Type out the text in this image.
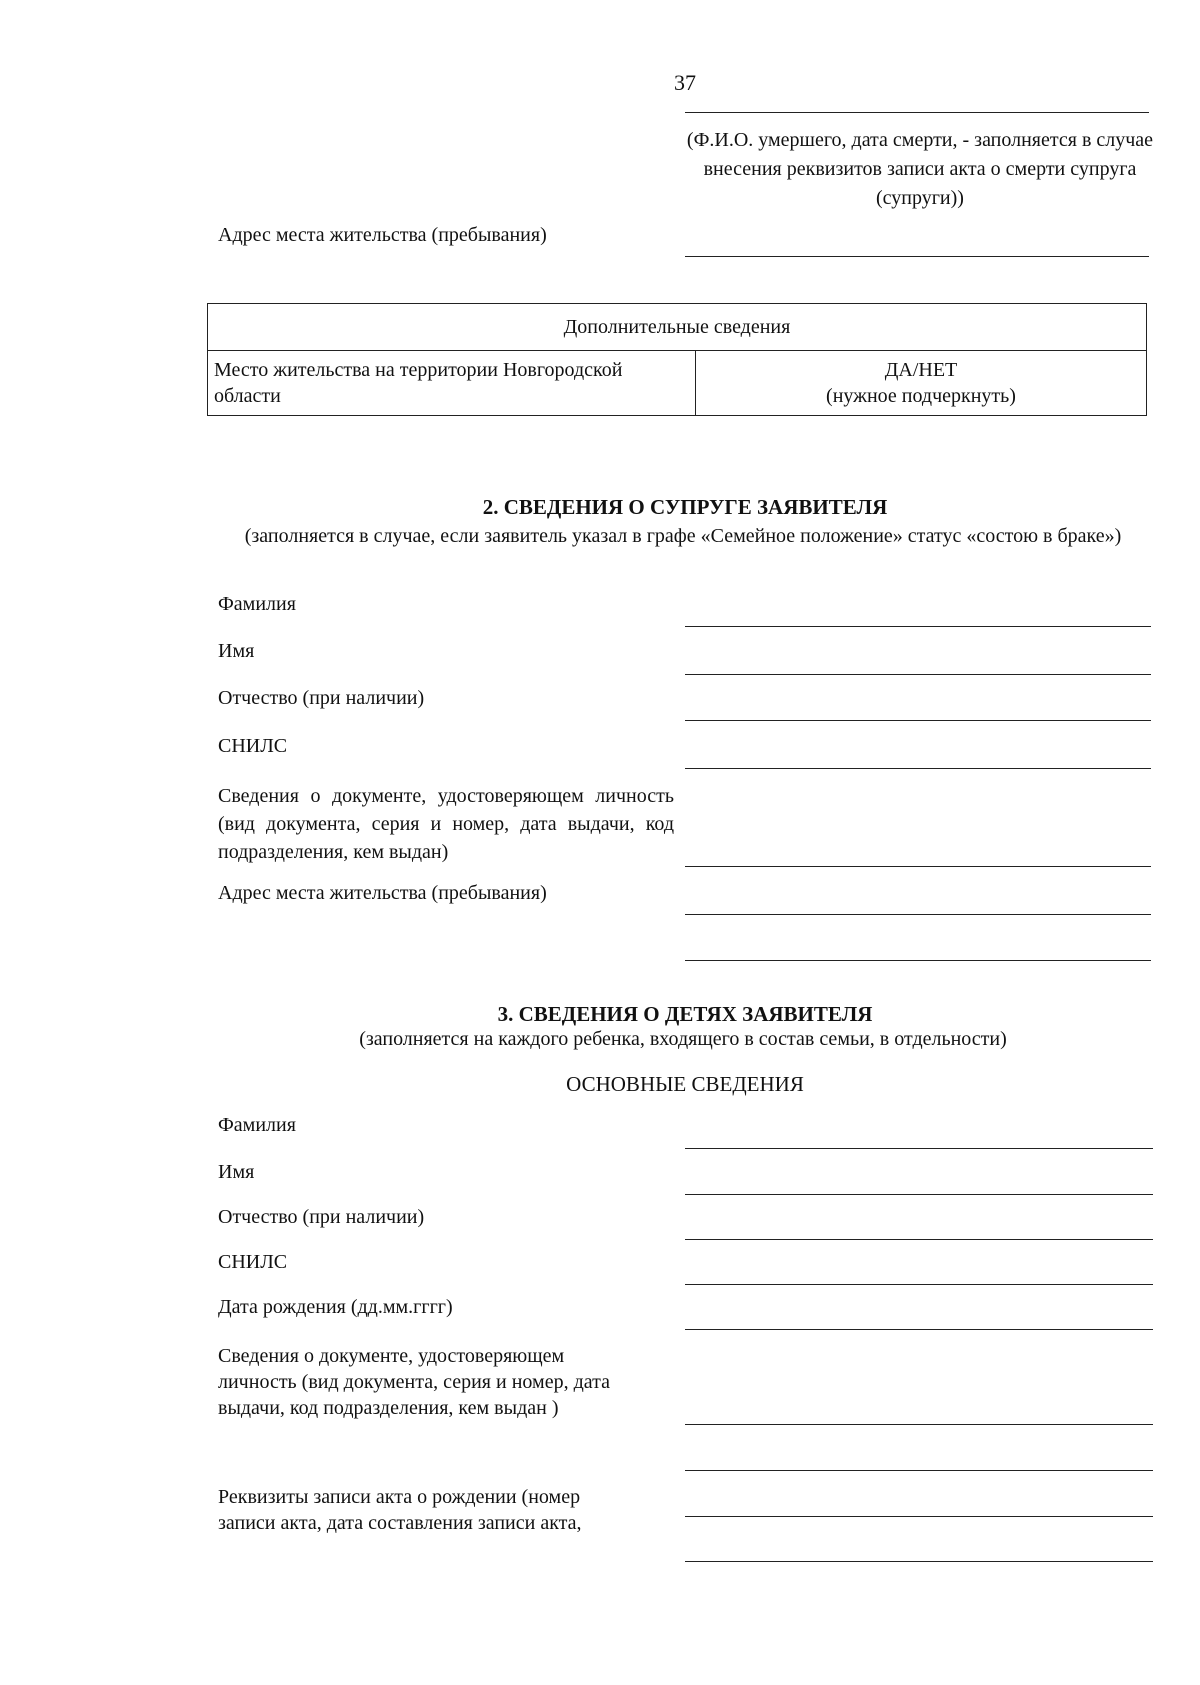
37
(Ф.И.О. умершего, дата смерти, - заполняется в случае внесения реквизитов записи акта о смерти супруга (супруги))
Адрес места жительства (пребывания)
Дополнительные сведения
Место жительства на территории Новгородской области	
ДА/НЕТ
(нужное подчеркнуть)
2. СВЕДЕНИЯ О СУПРУГЕ ЗАЯВИТЕЛЯ
(заполняется в случае, если заявитель указал в графе «Семейное положение» статус «состою в браке»)
Фамилия
Имя
Отчество (при наличии)
СНИЛС
Сведения о документе, удостоверяющем личность (вид документа, серия и номер, дата выдачи, код подразделения, кем выдан)
Адрес места жительства (пребывания)
3. СВЕДЕНИЯ О ДЕТЯХ ЗАЯВИТЕЛЯ
(заполняется на каждого ребенка, входящего в состав семьи, в отдельности)
ОСНОВНЫЕ СВЕДЕНИЯ
Фамилия
Имя
Отчество (при наличии)
СНИЛС
Дата рождения (дд.мм.гггг)
Сведения о документе, удостоверяющем личность (вид документа, серия и номер, дата выдачи, код подразделения, кем выдан )
Реквизиты записи акта о рождении (номер записи акта, дата составления записи акта,
